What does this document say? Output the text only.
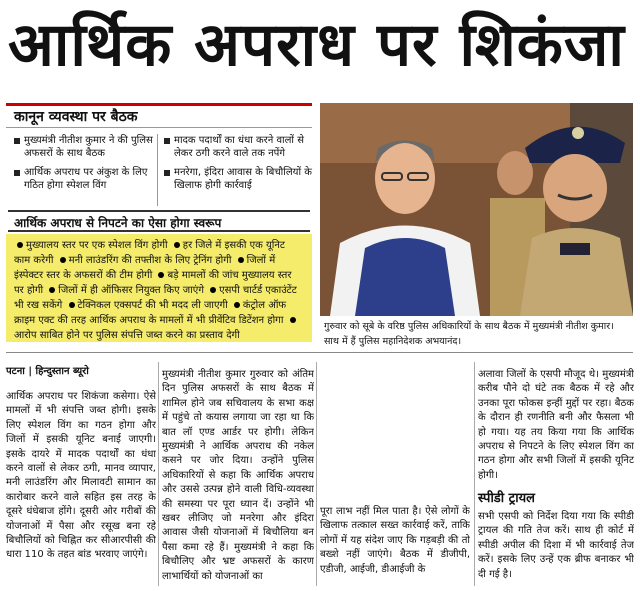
आर्थिक अपराध पर शिकंजा
कानून व्यवस्था पर बैठक
मुख्यमंत्री नीतीश कुमार ने की पुलिस अफसरों के साथ बैठक
आर्थिक अपराध पर अंकुश के लिए गठित होगा स्पेशल विंग
मादक पदार्थों का धंधा करने वालों से लेकर ठगी करने वाले तक नपेंगे
मनरेगा, इंदिरा आवास के बिचौलियों के खिलाफ होगी कार्रवाई
आर्थिक अपराध से निपटने का ऐसा होगा स्वरूप
मुख्यालय स्तर पर एक स्पेशल विंग होगी हर जिले में इसकी एक यूनिट काम करेगी मनी लाउंडरिंग की तफ्तीश के लिए ट्रेनिंग होगी जिलों में इंस्पेक्टर स्तर के अफसरों की टीम होगी बड़े मामलों की जांच मुख्यालय स्तर पर होगी जिलों में ही ऑफिसर नियुक्त किए जाएंगे एसपी चार्टर्ड एकाउंटेंट भी रख सकेंगे टेक्निकल एक्सपर्ट की भी मदद ली जाएगी कंट्रोल ऑफ क्राइम एक्ट की तरह आर्थिक अपराध के मामलों में भी प्रीवेंटिव डिटेंशन होगा आरोप साबित होने पर पुलिस संपत्ति जब्त करने का प्रस्ताव देगी
गुरुवार को सूबे के वरिष्ठ पुलिस अधिकारियों के साथ बैठक में मुख्यमंत्री नीतीश कुमार। साथ में हैं पुलिस महानिदेशक अभयानंद।
पटना | हिन्दुस्तान ब्यूरो

आर्थिक अपराध पर शिकंजा कसेगा। ऐसे मामलों में भी संपत्ति जब्त होगी। इसके लिए स्पेशल विंग का गठन होगा और जिलों में इसकी यूनिट बनाई जाएगी। इसके दायरे में मादक पदार्थों का धंधा करने वालों से लेकर ठगी, मानव व्यापार, मनी लाउंडरिंग और मिलावटी सामान का कारोबार करने वाले सहित इस तरह के दूसरे धंधेबाज होंगे। दूसरी ओर गरीबों की योजनाओं में पैसा और रसूख बना रहे बिचौलियों को चिह्नित कर सीआरपीसी की धारा 110 के तहत बांड भरवाए जाएंगे।

मुख्यमंत्री नीतीश कुमार गुरुवार को अंतिम दिन पुलिस अफसरों के साथ बैठक में शामिल होने जब सचिवालय के सभा कक्ष में पहुंचे तो कयास लगाया जा रहा था कि बात लॉ एण्ड आर्डर पर होगी। लेकिन मुख्यमंत्री ने आर्थिक अपराध की नकेल कसने पर जोर दिया। उन्होंने पुलिस अधिकारियों से कहा कि आर्थिक अपराध और उससे उत्पन्न होने वाली विधि-व्यवस्था की समस्या पर पूरा ध्यान दें। उन्होंने भी खबर लीजिए जो मनरेगा और इंदिरा आवास जैसी योजनाओं में बिचौलिया बन पैसा कमा रहे हैं। मुख्यमंत्री ने कहा कि बिचौलिए और भ्रष्ट अफसरों के कारण लाभार्थियों को योजनाओं का

पूरा लाभ नहीं मिल पाता है। ऐसे लोगों के खिलाफ तत्काल सख्त कार्रवाई करें, ताकि लोगों में यह संदेश जाए कि गड़बड़ी की तो बख्शे नहीं जाएंगे। बैठक में डीजीपी, एडीजी, आईजी, डीआईजी के

अलावा जिलों के एसपी मौजूद थे। मुख्यमंत्री करीब पौने दो घंटे तक बैठक में रहे और उनका पूरा फोकस इन्हीं मुद्दों पर रहा। बैठक के दौरान ही रणनीति बनी और फैसला भी हो गया। यह तय किया गया कि आर्थिक अपराध से निपटने के लिए स्पेशल विंग का गठन होगा और सभी जिलों में इसकी यूनिट होगी।

स्पीडी ट्रायल

सभी एसपी को निर्देश दिया गया कि स्पीडी ट्रायल की गति तेज करें। साथ ही कोर्ट में स्पीडी अपील की दिशा में भी कार्रवाई तेज करें। इसके लिए उन्हें एक ब्रीफ बनाकर भी दी गई है।
